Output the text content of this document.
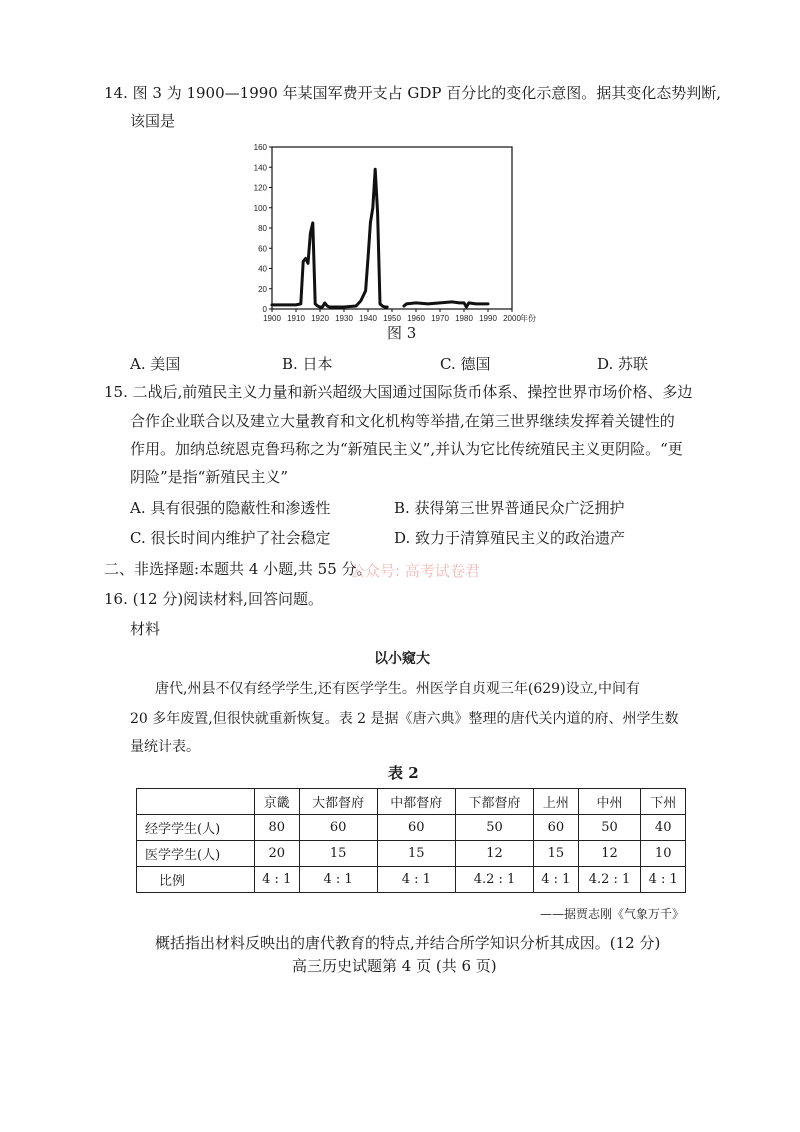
14. 图 3 为 1900—1990 年某国军费开支占 GDP 百分比的变化示意图。据其变化态势判断,
该国是
0
20
40
60
80
100
120
140
160
1900 1910 1920 1930 1940 1950 1960 1970 1980 1990 2000 年份
图 3
A. 美国	B. 日本	C. 德国	D. 苏联
15. 二战后,前殖民主义力量和新兴超级大国通过国际货币体系、操控世界市场价格、多边
合作企业联合以及建立大量教育和文化机构等举措,在第三世界继续发挥着关键性的
作用。加纳总统恩克鲁玛称之为“新殖民主义”,并认为它比传统殖民主义更阴险。“更
阴险”是指“新殖民主义”
A. 具有很强的隐蔽性和渗透性	B. 获得第三世界普通民众广泛拥护
C. 很长时间内维护了社会稳定	D. 致力于清算殖民主义的政治遗产
公众号: 高考试卷君
二、非选择题:本题共 4 小题,共 55 分。
16. (12 分)阅读材料,回答问题。
材料
以小窥大
唐代,州县不仅有经学学生,还有医学学生。州医学自贞观三年(629)设立,中间有
20 多年废置,但很快就重新恢复。表 2 是据《唐六典》整理的唐代关内道的府、州学生数
量统计表。
表 2
	京畿	大都督府	中都督府	下都督府	上州	中州	下州
经学学生(人)	80	60	60	50	60	50	40
医学学生(人)	20	15	15	12	15	12	10
比例	4 : 1	4 : 1	4 : 1	4.2 : 1	4 : 1	4.2 : 1	4 : 1
——据贾志刚《气象万千》
概括指出材料反映出的唐代教育的特点,并结合所学知识分析其成因。(12 分)
高三历史试题第 4 页 (共 6 页)
